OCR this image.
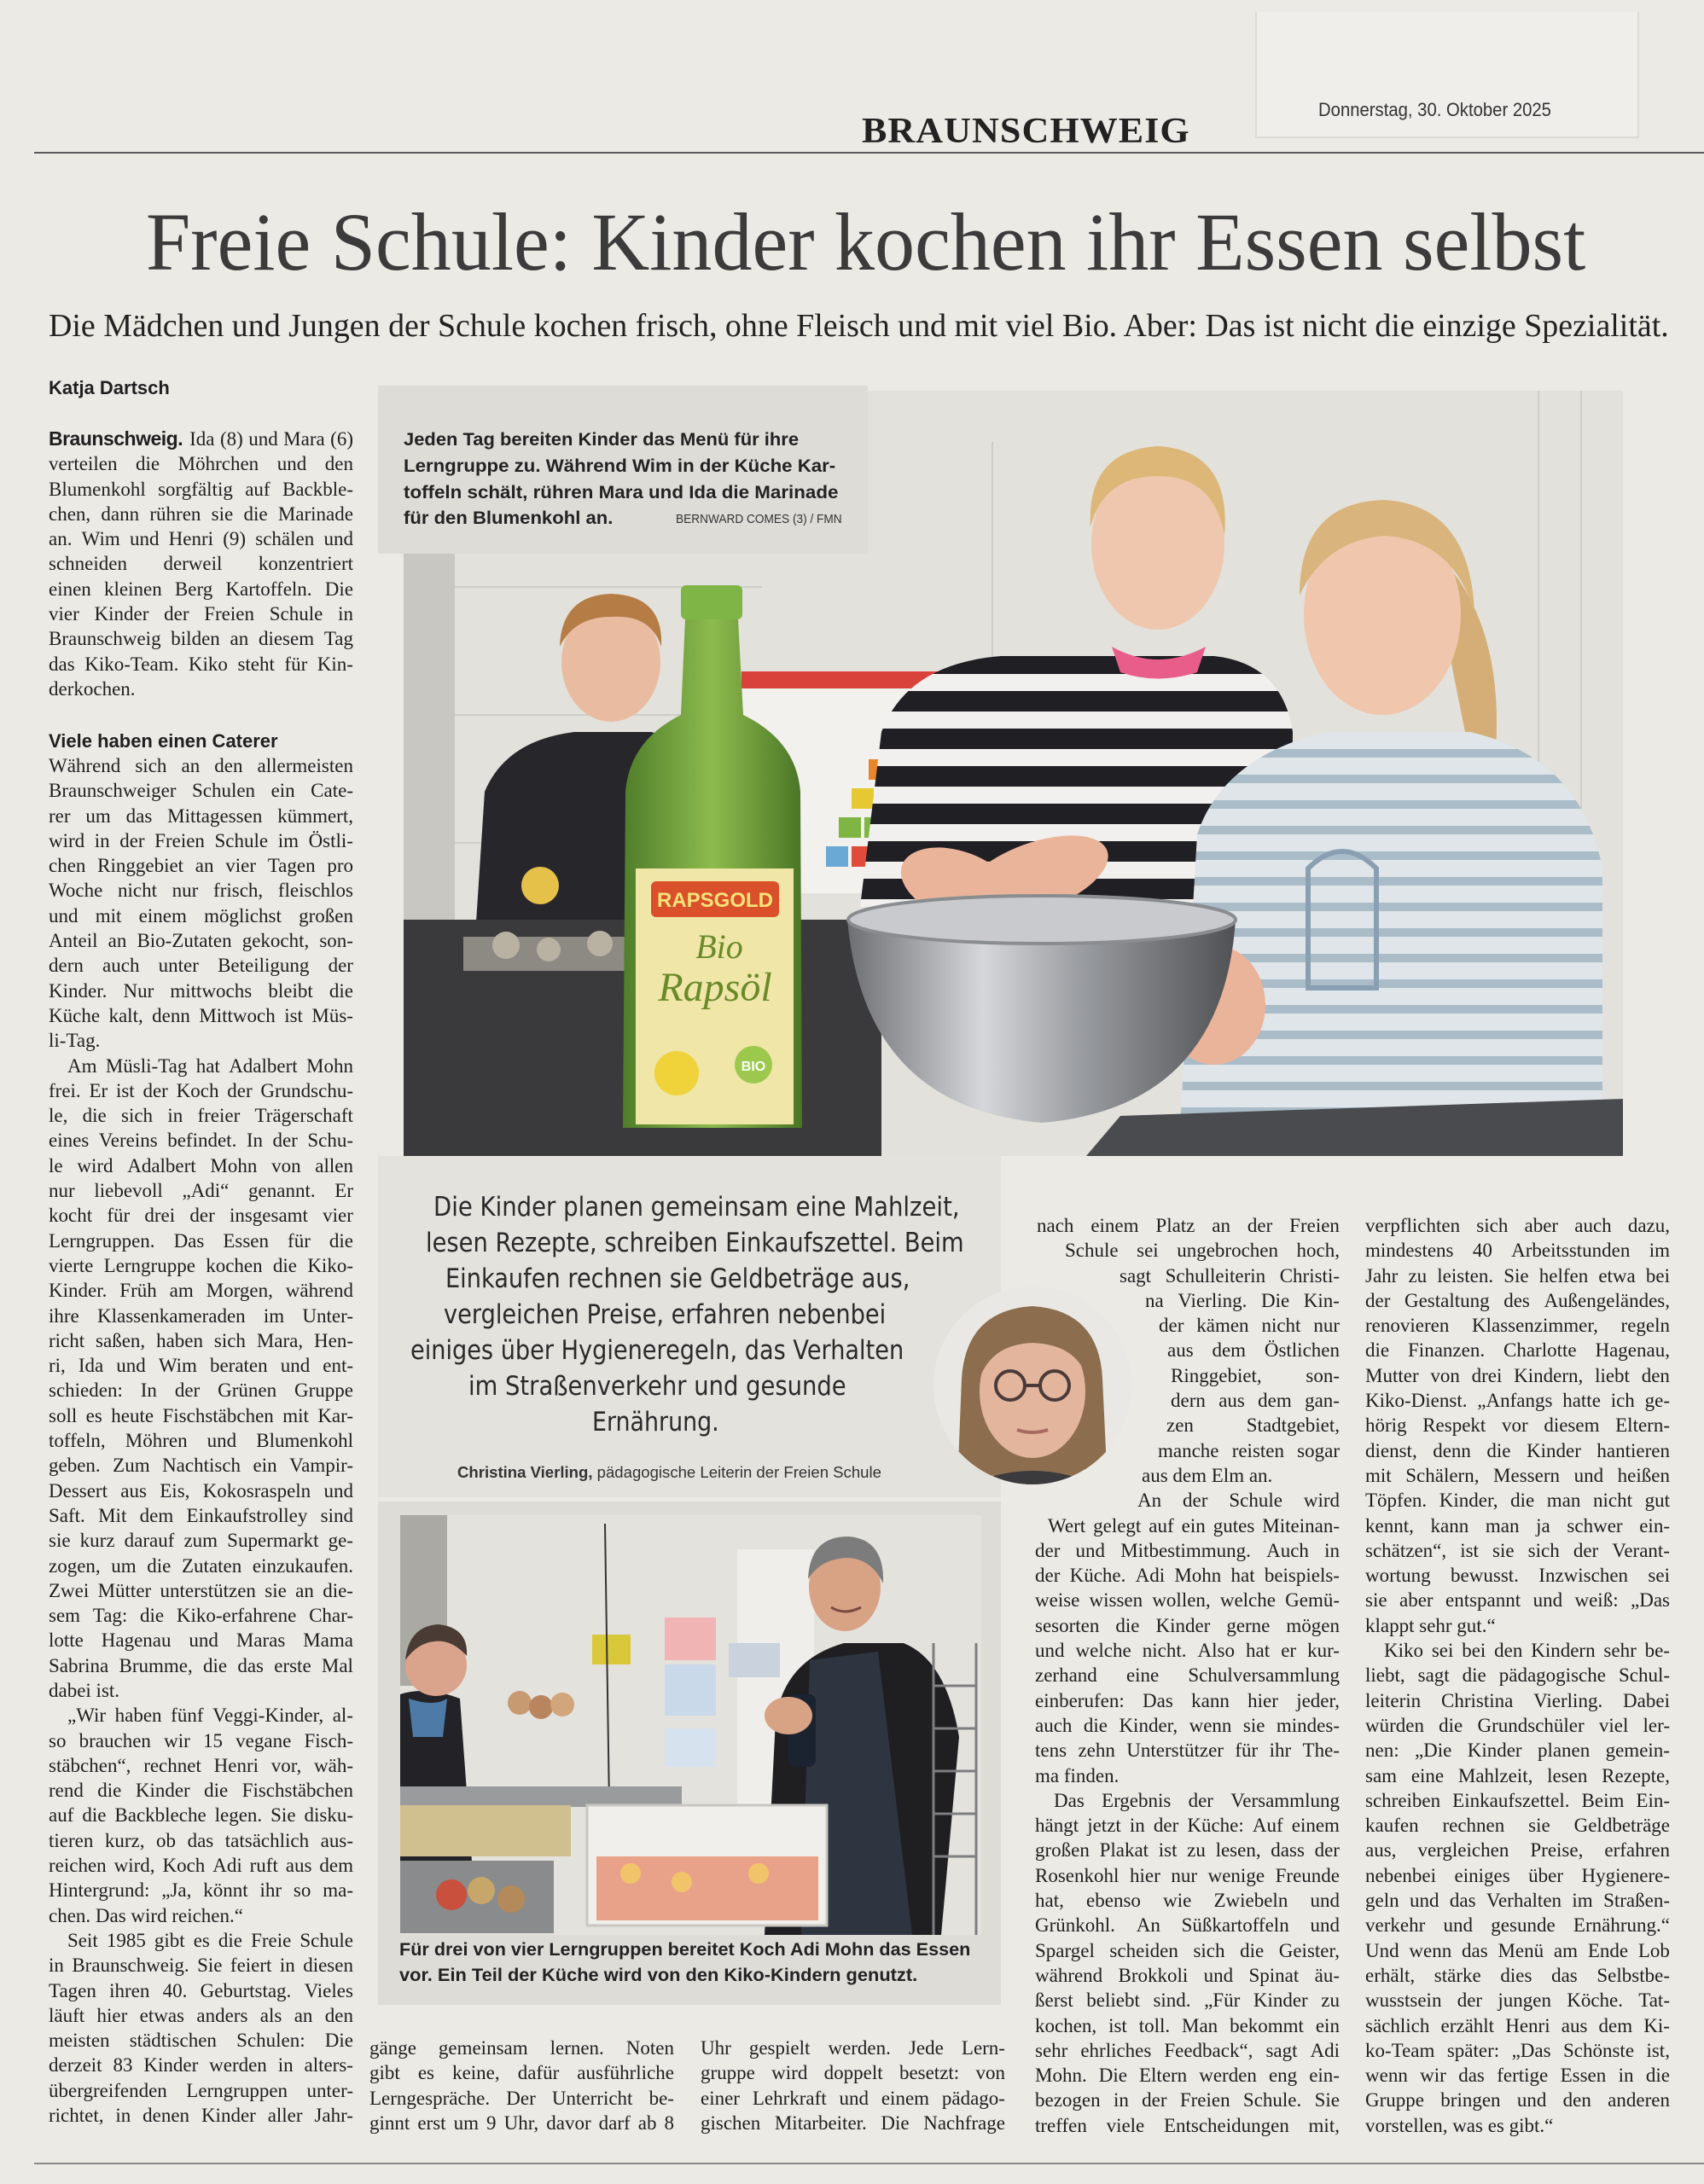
Donnerstag, 30. Oktober 2025
BRAUNSCHWEIG
Freie Schule: Kinder kochen ihr Essen selbst
Die Mädchen und Jungen der Schule kochen frisch, ohne Fleisch und mit viel Bio. Aber: Das ist nicht die einzige Spezialität.
Katja Dartsch
Braunschweig. Ida (8) und Mara (6)
verteilen die Möhrchen und den
Blumenkohl sorgfältig auf Backble-
chen, dann rühren sie die Marinade
an. Wim und Henri (9) schälen und
schneiden derweil konzentriert
einen kleinen Berg Kartoffeln. Die
vier Kinder der Freien Schule in
Braunschweig bilden an diesem Tag
das Kiko-Team. Kiko steht für Kin-
derkochen.
Viele haben einen Caterer
Während sich an den allermeisten
Braunschweiger Schulen ein Cate-
rer um das Mittagessen kümmert,
wird in der Freien Schule im Östli-
chen Ringgebiet an vier Tagen pro
Woche nicht nur frisch, fleischlos
und mit einem möglichst großen
Anteil an Bio-Zutaten gekocht, son-
dern auch unter Beteiligung der
Kinder. Nur mittwochs bleibt die
Küche kalt, denn Mittwoch ist Müs-
li-Tag.
Am Müsli-Tag hat Adalbert Mohn
frei. Er ist der Koch der Grundschu-
le, die sich in freier Trägerschaft
eines Vereins befindet. In der Schu-
le wird Adalbert Mohn von allen
nur liebevoll „Adi“ genannt. Er
kocht für drei der insgesamt vier
Lerngruppen. Das Essen für die
vierte Lerngruppe kochen die Kiko-
Kinder. Früh am Morgen, während
ihre Klassenkameraden im Unter-
richt saßen, haben sich Mara, Hen-
ri, Ida und Wim beraten und ent-
schieden: In der Grünen Gruppe
soll es heute Fischstäbchen mit Kar-
toffeln, Möhren und Blumenkohl
geben. Zum Nachtisch ein Vampir-
Dessert aus Eis, Kokosraspeln und
Saft. Mit dem Einkaufstrolley sind
sie kurz darauf zum Supermarkt ge-
zogen, um die Zutaten einzukaufen.
Zwei Mütter unterstützen sie an die-
sem Tag: die Kiko-erfahrene Char-
lotte Hagenau und Maras Mama
Sabrina Brumme, die das erste Mal
dabei ist.
„Wir haben fünf Veggi-Kinder, al-
so brauchen wir 15 vegane Fisch-
stäbchen“, rechnet Henri vor, wäh-
rend die Kinder die Fischstäbchen
auf die Backbleche legen. Sie disku-
tieren kurz, ob das tatsächlich aus-
reichen wird, Koch Adi ruft aus dem
Hintergrund: „Ja, könnt ihr so ma-
chen. Das wird reichen.“
Seit 1985 gibt es die Freie Schule
in Braunschweig. Sie feiert in diesen
Tagen ihren 40. Geburtstag. Vieles
läuft hier etwas anders als an den
meisten städtischen Schulen: Die
derzeit 83 Kinder werden in alters-
übergreifenden Lerngruppen unter-
richtet, in denen Kinder aller Jahr-
RAPSGOLD
Bio
Rapsöl
BIO
Jeden Tag bereiten Kinder das Menü für ihre
Lerngruppe zu. Während Wim in der Küche Kar-
toffeln schält, rühren Mara und Ida die Marinade
für den Blumenkohl an.	BERNWARD COMES (3) / FMN
Die Kinder planen gemeinsam eine Mahlzeit,
lesen Rezepte, schreiben Einkaufszettel. Beim
Einkaufen rechnen sie Geldbeträge aus,
vergleichen Preise, erfahren nebenbei
einiges über Hygieneregeln, das Verhalten
im Straßenverkehr und gesunde
Ernährung.
Christina Vierling, pädagogische Leiterin der Freien Schule
Für drei von vier Lerngruppen bereitet Koch Adi Mohn das Essen
vor. Ein Teil der Küche wird von den Kiko-Kindern genutzt.
gänge gemeinsam lernen. Noten
gibt es keine, dafür ausführliche
Lerngespräche. Der Unterricht be-
ginnt erst um 9 Uhr, davor darf ab 8
Uhr gespielt werden. Jede Lern-
gruppe wird doppelt besetzt: von
einer Lehrkraft und einem pädago-
gischen Mitarbeiter. Die Nachfrage
nach einem Platz an der Freien
Schule sei ungebrochen hoch,
sagt Schulleiterin Christi-
na Vierling. Die Kin-
der kämen nicht nur
aus dem Östlichen
Ringgebiet, son-
dern aus dem gan-
zen	Stadtgebiet,
manche reisten sogar
aus dem Elm an.
An der Schule wird
Wert gelegt auf ein gutes Miteinan-
der und Mitbestimmung. Auch in
der Küche. Adi Mohn hat beispiels-
weise wissen wollen, welche Gemü-
sesorten die Kinder gerne mögen
und welche nicht. Also hat er kur-
zerhand eine Schulversammlung
einberufen: Das kann hier jeder,
auch die Kinder, wenn sie mindes-
tens zehn Unterstützer für ihr The-
ma finden.
Das Ergebnis der Versammlung
hängt jetzt in der Küche: Auf einem
großen Plakat ist zu lesen, dass der
Rosenkohl hier nur wenige Freunde
hat, ebenso wie Zwiebeln und
Grünkohl. An Süßkartoffeln und
Spargel scheiden sich die Geister,
während Brokkoli und Spinat äu-
ßerst beliebt sind. „Für Kinder zu
kochen, ist toll. Man bekommt ein
sehr ehrliches Feedback“, sagt Adi
Mohn. Die Eltern werden eng ein-
bezogen in der Freien Schule. Sie
treffen viele Entscheidungen mit,
verpflichten sich aber auch dazu,
mindestens 40 Arbeitsstunden im
Jahr zu leisten. Sie helfen etwa bei
der Gestaltung des Außengeländes,
renovieren Klassenzimmer, regeln
die Finanzen. Charlotte Hagenau,
Mutter von drei Kindern, liebt den
Kiko-Dienst. „Anfangs hatte ich ge-
hörig Respekt vor diesem Eltern-
dienst, denn die Kinder hantieren
mit Schälern, Messern und heißen
Töpfen. Kinder, die man nicht gut
kennt, kann man ja schwer ein-
schätzen“, ist sie sich der Verant-
wortung bewusst. Inzwischen sei
sie aber entspannt und weiß: „Das
klappt sehr gut.“
Kiko sei bei den Kindern sehr be-
liebt, sagt die pädagogische Schul-
leiterin Christina Vierling. Dabei
würden die Grundschüler viel ler-
nen: „Die Kinder planen gemein-
sam eine Mahlzeit, lesen Rezepte,
schreiben Einkaufszettel. Beim Ein-
kaufen rechnen sie Geldbeträge
aus, vergleichen Preise, erfahren
nebenbei einiges über Hygienere-
geln und das Verhalten im Straßen-
verkehr und gesunde Ernährung.“
Und wenn das Menü am Ende Lob
erhält, stärke dies das Selbstbe-
wusstsein der jungen Köche. Tat-
sächlich erzählt Henri aus dem Ki-
ko-Team später: „Das Schönste ist,
wenn wir das fertige Essen in die
Gruppe bringen und den anderen
vorstellen, was es gibt.“
